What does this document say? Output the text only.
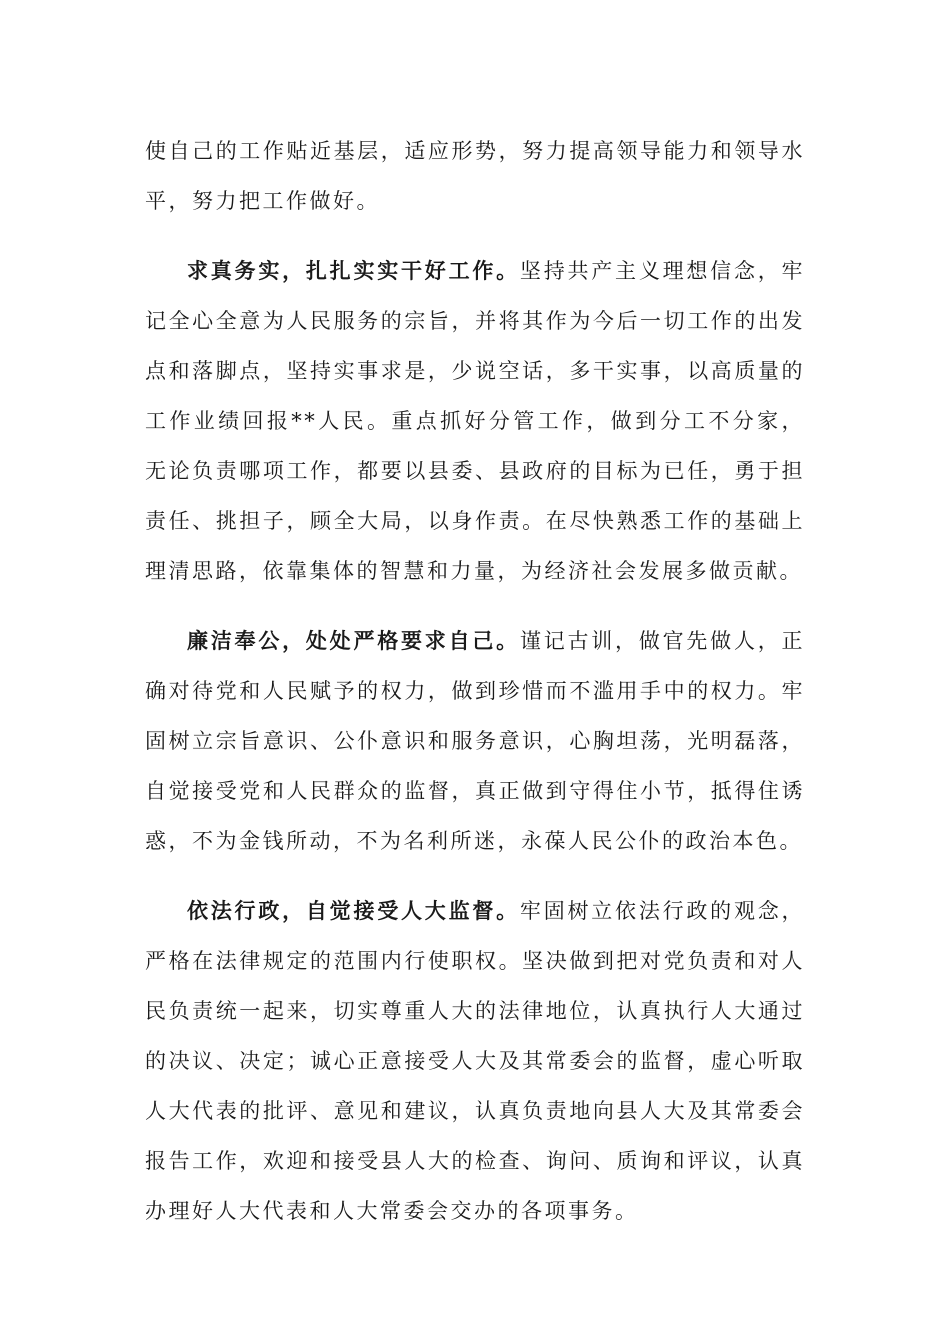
使自己的工作贴近基层，适应形势，努力提高领导能力和领导水平，努力把工作做好。

求真务实，扎扎实实干好工作。坚持共产主义理想信念，牢记全心全意为人民服务的宗旨，并将其作为今后一切工作的出发点和落脚点，坚持实事求是，少说空话，多干实事，以高质量的工作业绩回报**人民。重点抓好分管工作，做到分工不分家，无论负责哪项工作，都要以县委、县政府的目标为已任，勇于担责任、挑担子，顾全大局，以身作责。在尽快熟悉工作的基础上理清思路，依靠集体的智慧和力量，为经济社会发展多做贡献。

廉洁奉公，处处严格要求自己。谨记古训，做官先做人，正确对待党和人民赋予的权力，做到珍惜而不滥用手中的权力。牢固树立宗旨意识、公仆意识和服务意识，心胸坦荡，光明磊落，自觉接受党和人民群众的监督，真正做到守得住小节，抵得住诱惑，不为金钱所动，不为名利所迷，永葆人民公仆的政治本色。

依法行政，自觉接受人大监督。牢固树立依法行政的观念，严格在法律规定的范围内行使职权。坚决做到把对党负责和对人民负责统一起来，切实尊重人大的法律地位，认真执行人大通过的决议、决定；诚心正意接受人大及其常委会的监督，虚心听取人大代表的批评、意见和建议，认真负责地向县人大及其常委会报告工作，欢迎和接受县人大的检查、询问、质询和评议，认真办理好人大代表和人大常委会交办的各项事务。
